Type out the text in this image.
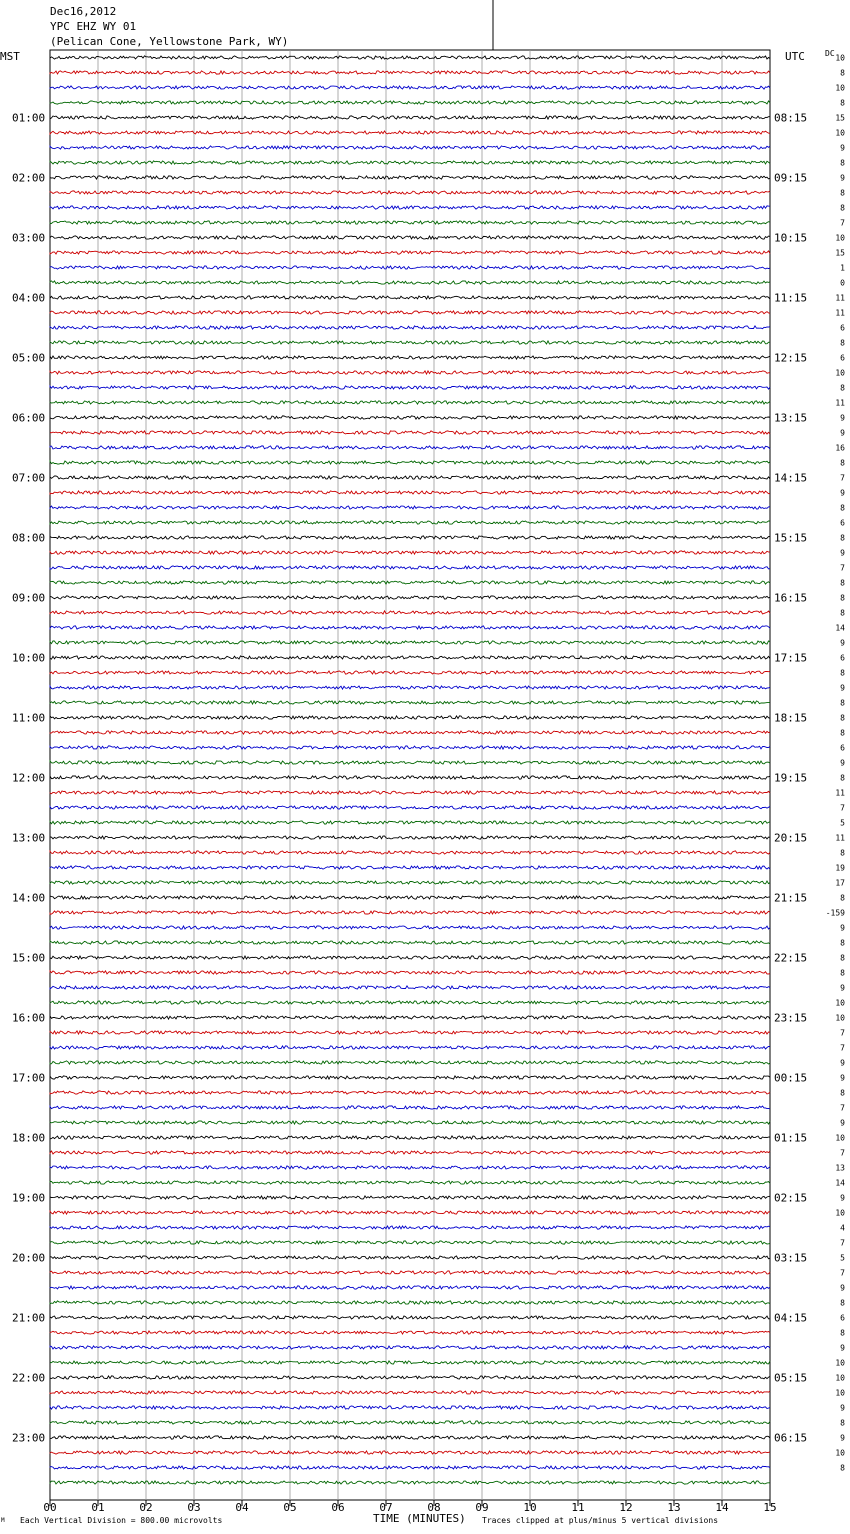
00	01	02	03	04	05	06	07	08	09	10	11	12	13	14	15
01:00
02:00
03:00
04:00
05:00
06:00
07:00
08:00
09:00
10:00
11:00
12:00
13:00
14:00
15:00
16:00
17:00
18:00
19:00
20:00
21:00
22:00
23:00
08:15
09:15
10:15
11:15
12:15
13:15
14:15
15:15
16:15
17:15
18:15
19:15
20:15
21:15
22:15
23:15
00:15
01:15
02:15
03:15
04:15
05:15
06:15
10
8
10
8
15
10
9
8
9
8
8
7
10
15
1
0
11
11
6
8
6
10
8
11
9
9
16
8
7
9
8
6
8
9
7
8
8
8
14
9
6
8
9
8
8
8
6
9
8
11
7
5
11
8
19
17
8
-159
9
8
8
8
9
10
10
7
7
9
9
8
7
9
10
7
13
14
9
10
4
7
5
7
9
8
6
8
9
10
10
10
9
8
9
10
8
Dec16,2012
YPC EHZ WY 01
(Pelican Cone, Yellowstone Park, WY)
MST	UTC	DC
M Each Vertical Division = 800.00 microvolts	TIME (MINUTES) Traces clipped at plus/minus 5 vertical divisions
